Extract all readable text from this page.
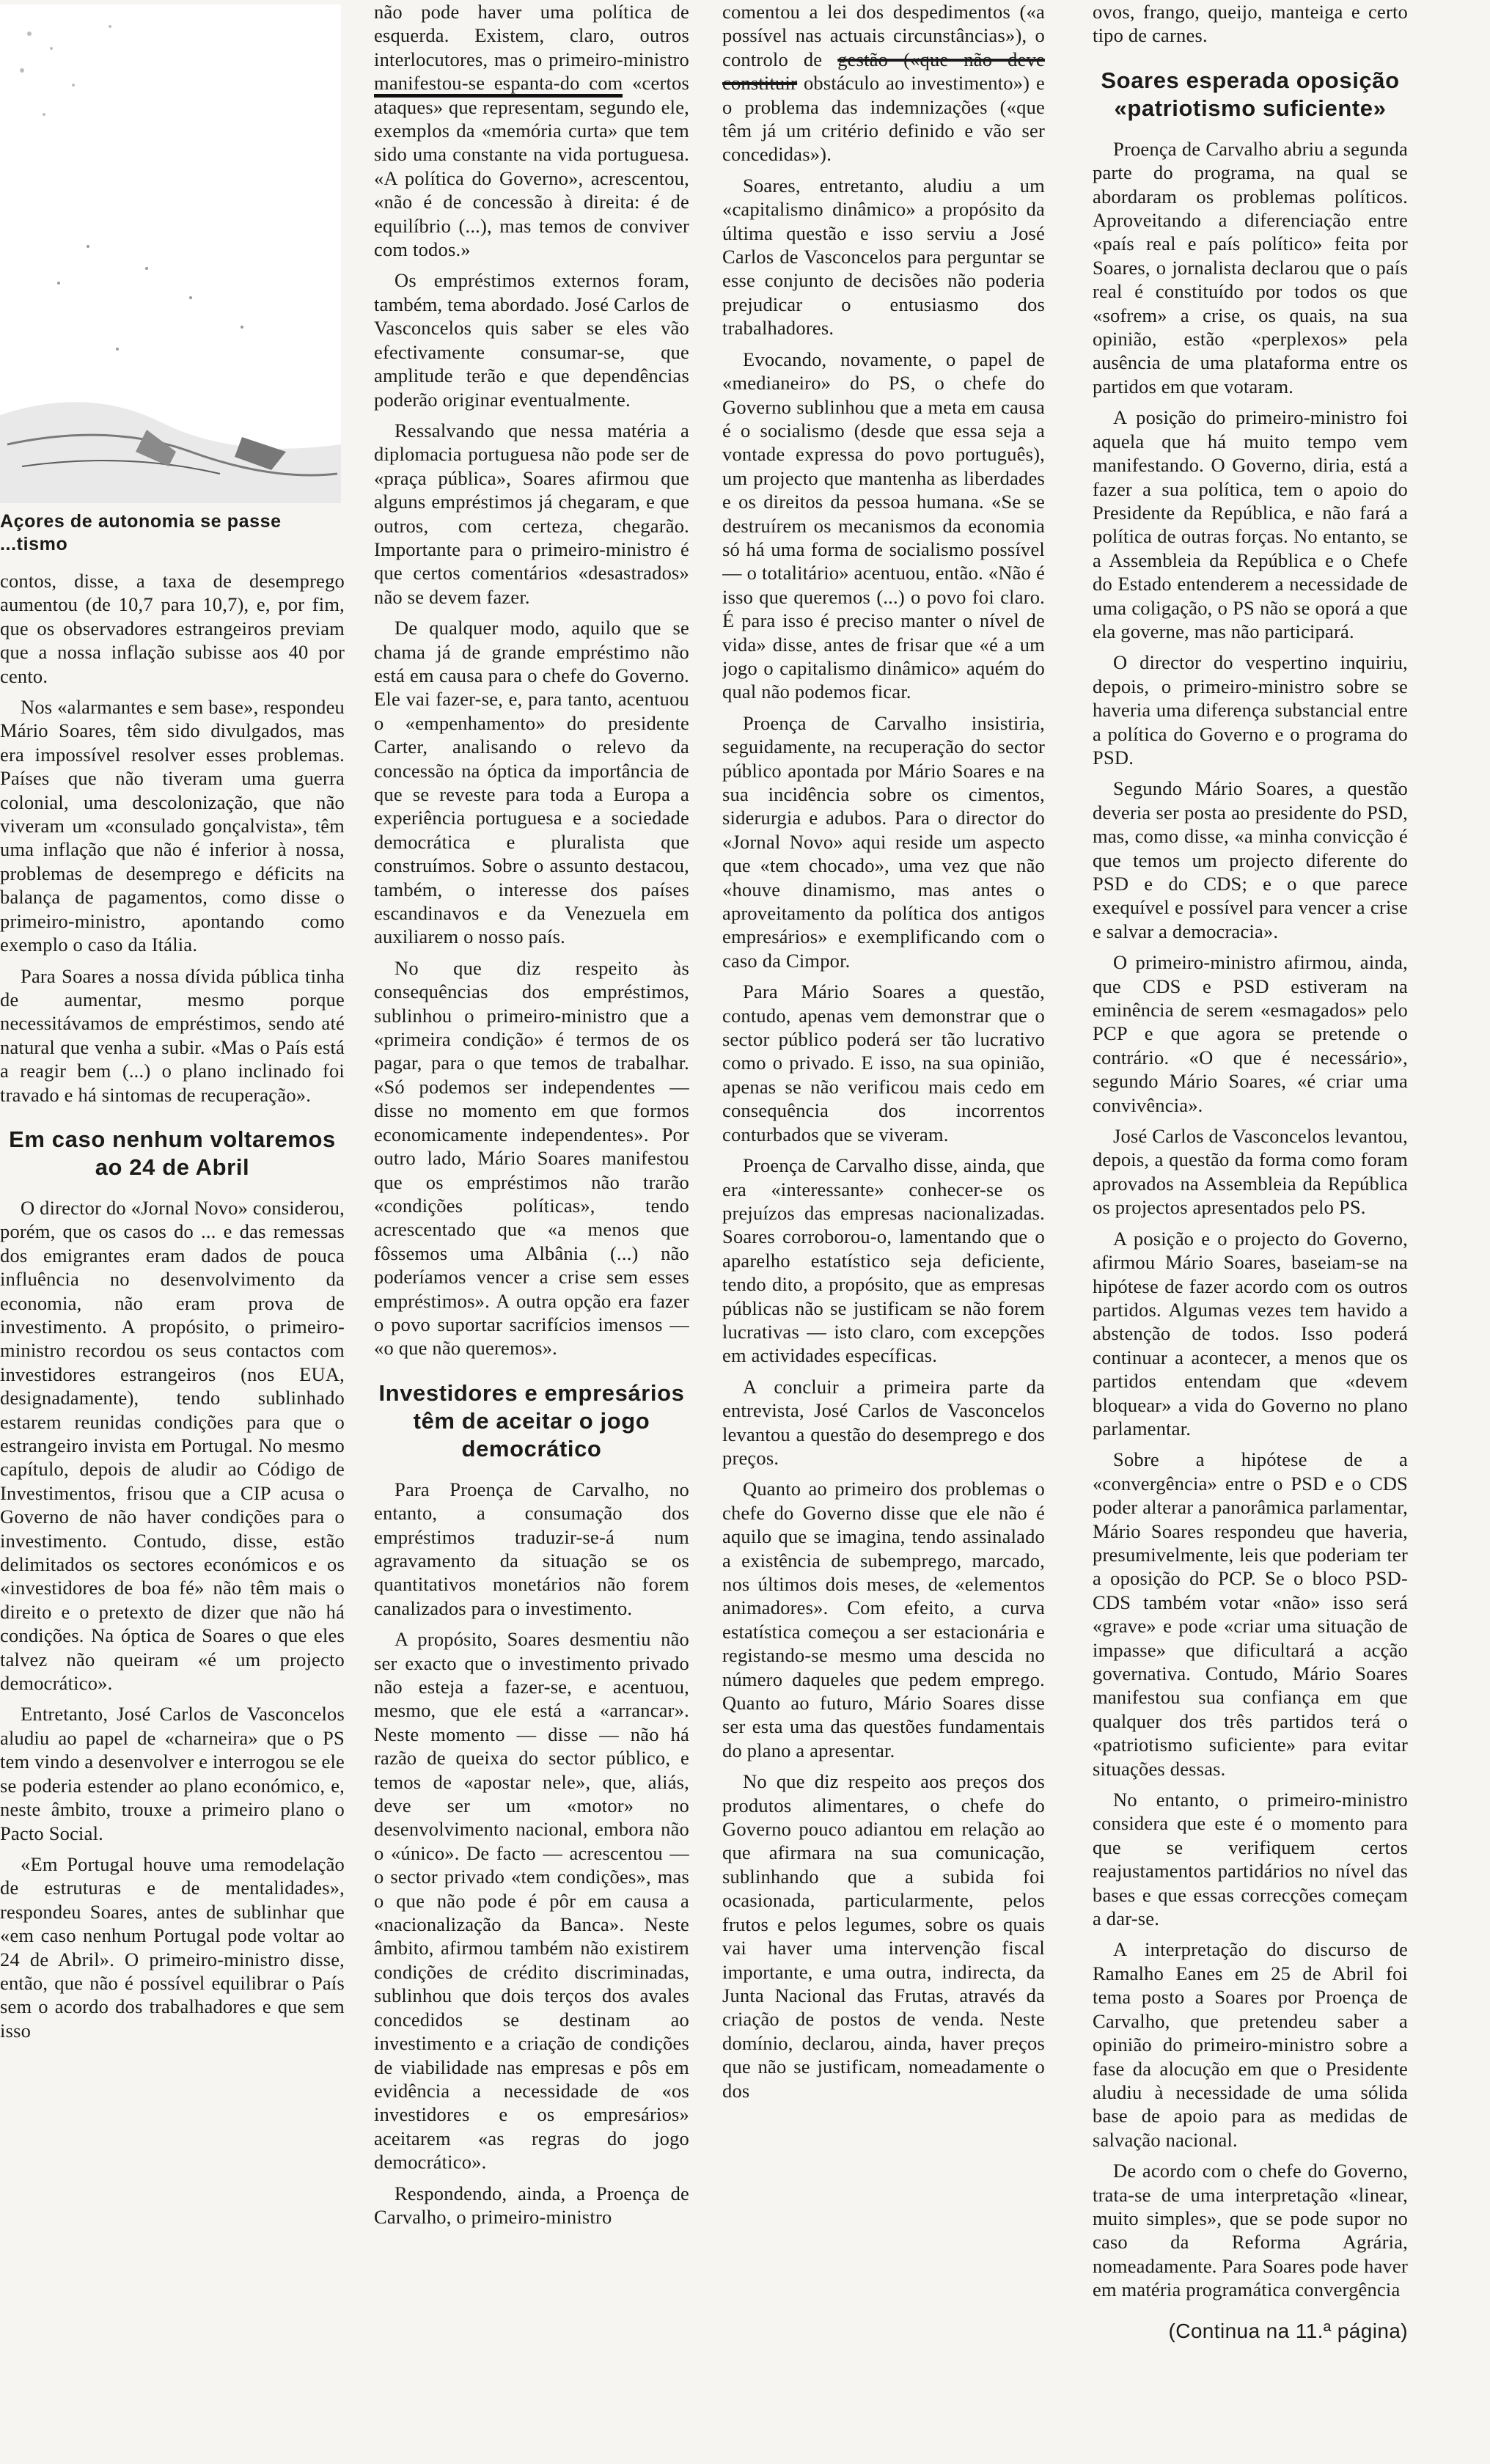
Açores de autonomia se passe ...tismo

contos, disse, a taxa de desemprego aumentou (de 10,7 para 10,7), e, por fim, que os observadores estrangeiros previam que a nossa inflação subisse aos 40 por cento.

Nos «alarmantes e sem base», respondeu Mário Soares, têm sido divulgados, mas era impossível resolver esses problemas. Países que não tiveram uma guerra colonial, uma descolonização, que não viveram um «consulado gonçalvista», têm uma inflação que não é inferior à nossa, problemas de desemprego e déficits na balança de pagamentos, como disse o primeiro-ministro, apontando como exemplo o caso da Itália.

Para Soares a nossa dívida pública tinha de aumentar, mesmo porque necessitávamos de empréstimos, sendo até natural que venha a subir. «Mas o País está a reagir bem (...) o plano inclinado foi travado e há sintomas de recuperação».

Em caso nenhum voltaremos ao 24 de Abril

O director do «Jornal Novo» considerou, porém, que os casos do ... e das remessas dos emigrantes eram dados de pouca influência no desenvolvimento da economia, não eram prova de investimento. A propósito, o primeiro-ministro recordou os seus contactos com investidores estrangeiros (nos EUA, designadamente), tendo sublinhado estarem reunidas condições para que o estrangeiro invista em Portugal. No mesmo capítulo, depois de aludir ao Código de Investimentos, frisou que a CIP acusa o Governo de não haver condições para o investimento. Contudo, disse, estão delimitados os sectores económicos e os «investidores de boa fé» não têm mais o direito e o pretexto de dizer que não há condições. Na óptica de Soares o que eles talvez não queiram «é um projecto democrático».

Entretanto, José Carlos de Vasconcelos aludiu ao papel de «charneira» que o PS tem vindo a desenvolver e interrogou se ele se poderia estender ao plano económico, e, neste âmbito, trouxe a primeiro plano o Pacto Social.

«Em Portugal houve uma remodelação de estruturas e de mentalidades», respondeu Soares, antes de sublinhar que «em caso nenhum Portugal pode voltar ao 24 de Abril». O primeiro-ministro disse, então, que não é possível equilibrar o País sem o acordo dos trabalhadores e que sem isso

não pode haver uma política de esquerda. Existem, claro, outros interlocutores, mas o primeiro-ministro manifestou-se espanta-do com «certos ataques» que representam, segundo ele, exemplos da «memória curta» que tem sido uma constante na vida portuguesa. «A política do Governo», acrescentou, «não é de concessão à direita: é de equilíbrio (...), mas temos de conviver com todos.»

Os empréstimos externos foram, também, tema abordado. José Carlos de Vasconcelos quis saber se eles vão efectivamente consumar-se, que amplitude terão e que dependências poderão originar eventualmente.

Ressalvando que nessa matéria a diplomacia portuguesa não pode ser de «praça pública», Soares afirmou que alguns empréstimos já chegaram, e que outros, com certeza, chegarão. Importante para o primeiro-ministro é que certos comentários «desastrados» não se devem fazer.

De qualquer modo, aquilo que se chama já de grande empréstimo não está em causa para o chefe do Governo. Ele vai fazer-se, e, para tanto, acentuou o «empenhamento» do presidente Carter, analisando o relevo da concessão na óptica da importância de que se reveste para toda a Europa a experiência portuguesa e a sociedade democrática e pluralista que construímos. Sobre o assunto destacou, também, o interesse dos países escandinavos e da Venezuela em auxiliarem o nosso país.

No que diz respeito às consequências dos empréstimos, sublinhou o primeiro-ministro que a «primeira condição» é termos de os pagar, para o que temos de trabalhar. «Só podemos ser independentes — disse no momento em que formos economicamente independentes». Por outro lado, Mário Soares manifestou que os empréstimos não trarão «condições políticas», tendo acrescentado que «a menos que fôssemos uma Albânia (...) não poderíamos vencer a crise sem esses empréstimos». A outra opção era fazer o povo suportar sacrifícios imensos — «o que não queremos».

Investidores e empresários têm de aceitar o jogo democrático

Para Proença de Carvalho, no entanto, a consumação dos empréstimos traduzir-se-á num agravamento da situação se os quantitativos monetários não forem canalizados para o investimento.

A propósito, Soares desmentiu não ser exacto que o investimento privado não esteja a fazer-se, e acentuou, mesmo, que ele está a «arrancar». Neste momento — disse — não há razão de queixa do sector público, e temos de «apostar nele», que, aliás, deve ser um «motor» no desenvolvimento nacional, embora não o «único». De facto — acrescentou — o sector privado «tem condições», mas o que não pode é pôr em causa a «nacionalização da Banca». Neste âmbito, afirmou também não existirem condições de crédito discriminadas, sublinhou que dois terços dos avales concedidos se destinam ao investimento e a criação de condições de viabilidade nas empresas e pôs em evidência a necessidade de «os investidores e os empresários» aceitarem «as regras do jogo democrático».

Respondendo, ainda, a Proença de Carvalho, o primeiro-ministro

comentou a lei dos despedimentos («a possível nas actuais circunstâncias»), o controlo de gestão («que não deve constituir obstáculo ao investimento») e o problema das indemnizações («que têm já um critério definido e vão ser concedidas»).

Soares, entretanto, aludiu a um «capitalismo dinâmico» a propósito da última questão e isso serviu a José Carlos de Vasconcelos para perguntar se esse conjunto de decisões não poderia prejudicar o entusiasmo dos trabalhadores.

Evocando, novamente, o papel de «medianeiro» do PS, o chefe do Governo sublinhou que a meta em causa é o socialismo (desde que essa seja a vontade expressa do povo português), um projecto que mantenha as liberdades e os direitos da pessoa humana. «Se se destruírem os mecanismos da economia só há uma forma de socialismo possível — o totalitário» acentuou, então. «Não é isso que queremos (...) o povo foi claro. É para isso é preciso manter o nível de vida» disse, antes de frisar que «é a um jogo o capitalismo dinâmico» aquém do qual não podemos ficar.

Proença de Carvalho insistiria, seguidamente, na recuperação do sector público apontada por Mário Soares e na sua incidência sobre os cimentos, siderurgia e adubos. Para o director do «Jornal Novo» aqui reside um aspecto que «tem chocado», uma vez que não «houve dinamismo, mas antes o aproveitamento da política dos antigos empresários» e exemplificando com o caso da Cimpor.

Para Mário Soares a questão, contudo, apenas vem demonstrar que o sector público poderá ser tão lucrativo como o privado. E isso, na sua opinião, apenas se não verificou mais cedo em consequência dos incorrentos conturbados que se viveram.

Proença de Carvalho disse, ainda, que era «interessante» conhecer-se os prejuízos das empresas nacionalizadas. Soares corroborou-o, lamentando que o aparelho estatístico seja deficiente, tendo dito, a propósito, que as empresas públicas não se justificam se não forem lucrativas — isto claro, com excepções em actividades específicas.

A concluir a primeira parte da entrevista, José Carlos de Vasconcelos levantou a questão do desemprego e dos preços.

Quanto ao primeiro dos problemas o chefe do Governo disse que ele não é aquilo que se imagina, tendo assinalado a existência de subemprego, marcado, nos últimos dois meses, de «elementos animadores». Com efeito, a curva estatística começou a ser estacionária e registando-se mesmo uma descida no número daqueles que pedem emprego. Quanto ao futuro, Mário Soares disse ser esta uma das questões fundamentais do plano a apresentar.

No que diz respeito aos preços dos produtos alimentares, o chefe do Governo pouco adiantou em relação ao que afirmara na sua comunicação, sublinhando que a subida foi ocasionada, particularmente, pelos frutos e pelos legumes, sobre os quais vai haver uma intervenção fiscal importante, e uma outra, indirecta, da Junta Nacional das Frutas, através da criação de postos de venda. Neste domínio, declarou, ainda, haver preços que não se justificam, nomeadamente o dos

ovos, frango, queijo, manteiga e certo tipo de carnes.

Soares esperada oposição «patriotismo suficiente»

Proença de Carvalho abriu a segunda parte do programa, na qual se abordaram os problemas políticos. Aproveitando a diferenciação entre «país real e país político» feita por Soares, o jornalista declarou que o país real é constituído por todos os que «sofrem» a crise, os quais, na sua opinião, estão «perplexos» pela ausência de uma plataforma entre os partidos em que votaram.

A posição do primeiro-ministro foi aquela que há muito tempo vem manifestando. O Governo, diria, está a fazer a sua política, tem o apoio do Presidente da República, e não fará a política de outras forças. No entanto, se a Assembleia da República e o Chefe do Estado entenderem a necessidade de uma coligação, o PS não se oporá a que ela governe, mas não participará.

O director do vespertino inquiriu, depois, o primeiro-ministro sobre se haveria uma diferença substancial entre a política do Governo e o programa do PSD.

Segundo Mário Soares, a questão deveria ser posta ao presidente do PSD, mas, como disse, «a minha convicção é que temos um projecto diferente do PSD e do CDS; e o que parece exequível e possível para vencer a crise e salvar a democracia».

O primeiro-ministro afirmou, ainda, que CDS e PSD estiveram na eminência de serem «esmagados» pelo PCP e que agora se pretende o contrário. «O que é necessário», segundo Mário Soares, «é criar uma convivência».

José Carlos de Vasconcelos levantou, depois, a questão da forma como foram aprovados na Assembleia da República os projectos apresentados pelo PS.

A posição e o projecto do Governo, afirmou Mário Soares, baseiam-se na hipótese de fazer acordo com os outros partidos. Algumas vezes tem havido a abstenção de todos. Isso poderá continuar a acontecer, a menos que os partidos entendam que «devem bloquear» a vida do Governo no plano parlamentar.

Sobre a hipótese de a «convergência» entre o PSD e o CDS poder alterar a panorâmica parlamentar, Mário Soares respondeu que haveria, presumivelmente, leis que poderiam ter a oposição do PCP. Se o bloco PSD-CDS também votar «não» isso será «grave» e pode «criar uma situação de impasse» que dificultará a acção governativa. Contudo, Mário Soares manifestou sua confiança em que qualquer dos três partidos terá o «patriotismo suficiente» para evitar situações dessas.

No entanto, o primeiro-ministro considera que este é o momento para que se verifiquem certos reajustamentos partidários no nível das bases e que essas correcções começam a dar-se.

A interpretação do discurso de Ramalho Eanes em 25 de Abril foi tema posto a Soares por Proença de Carvalho, que pretendeu saber a opinião do primeiro-ministro sobre a fase da alocução em que o Presidente aludiu à necessidade de uma sólida base de apoio para as medidas de salvação nacional.

De acordo com o chefe do Governo, trata-se de uma interpretação «linear, muito simples», que se pode supor no caso da Reforma Agrária, nomeadamente. Para Soares pode haver em matéria programática convergência

(Continua na 11.ª página)
